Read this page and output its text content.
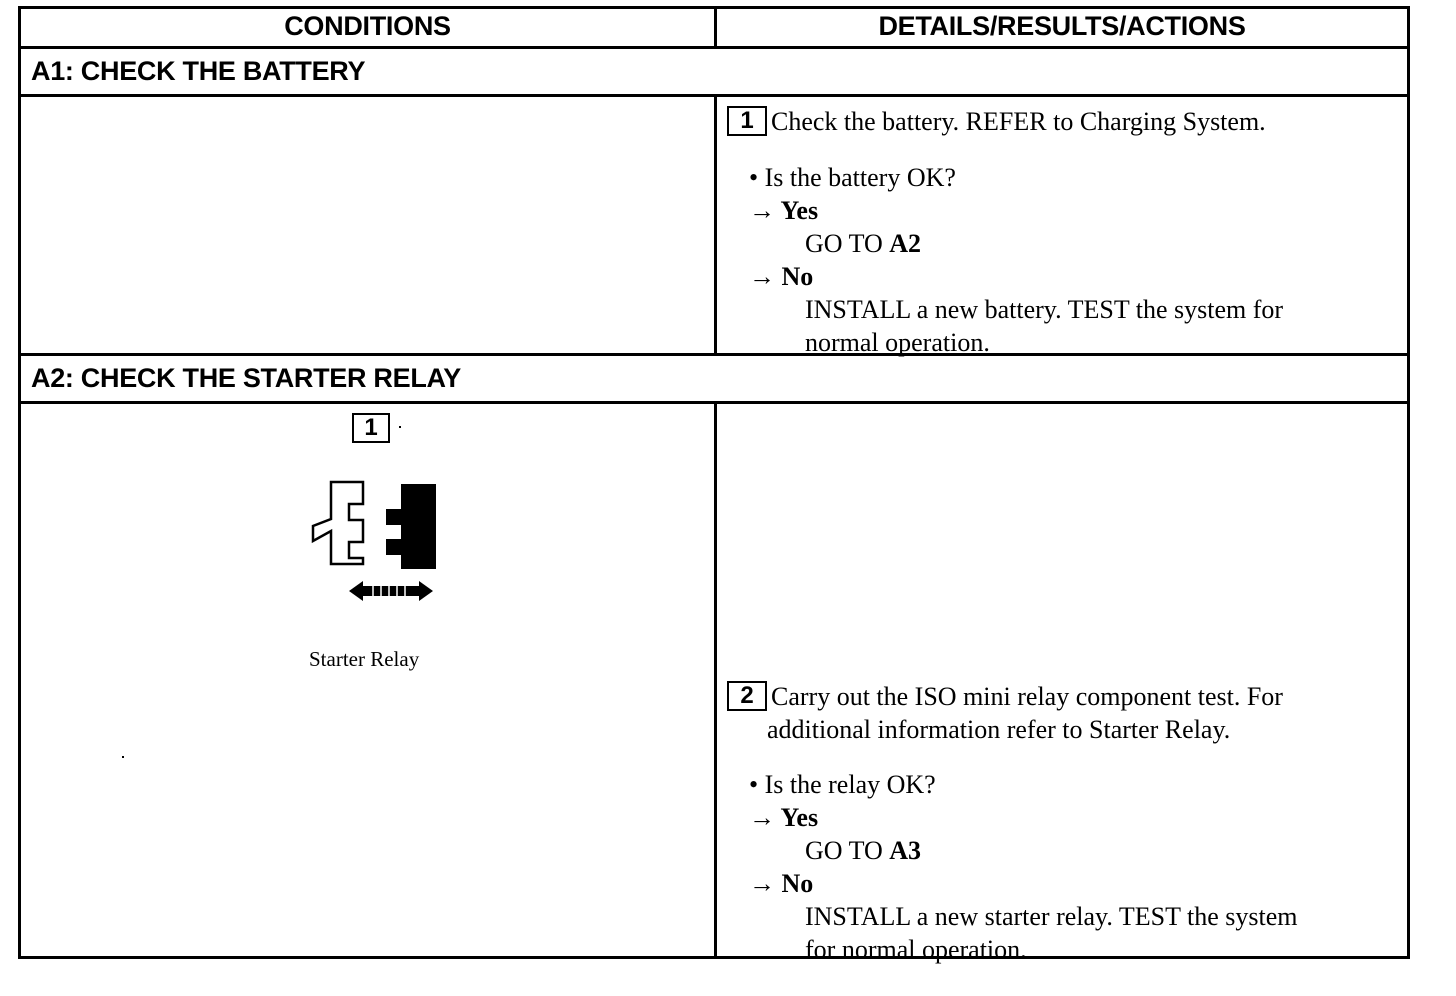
CONDITIONS	DETAILS/RESULTS/ACTIONS
A1: CHECK THE BATTERY
1 Check the battery. REFER to Charging System.
• Is the battery OK?
→ Yes
GO TO A2
→ No
INSTALL a new battery. TEST the system for
normal operation.
A2: CHECK THE STARTER RELAY
1
Starter Relay
2 Carry out the ISO mini relay component test. For
additional information refer to Starter Relay.
• Is the relay OK?
→ Yes
GO TO A3
→ No
INSTALL a new starter relay. TEST the system
for normal operation.
